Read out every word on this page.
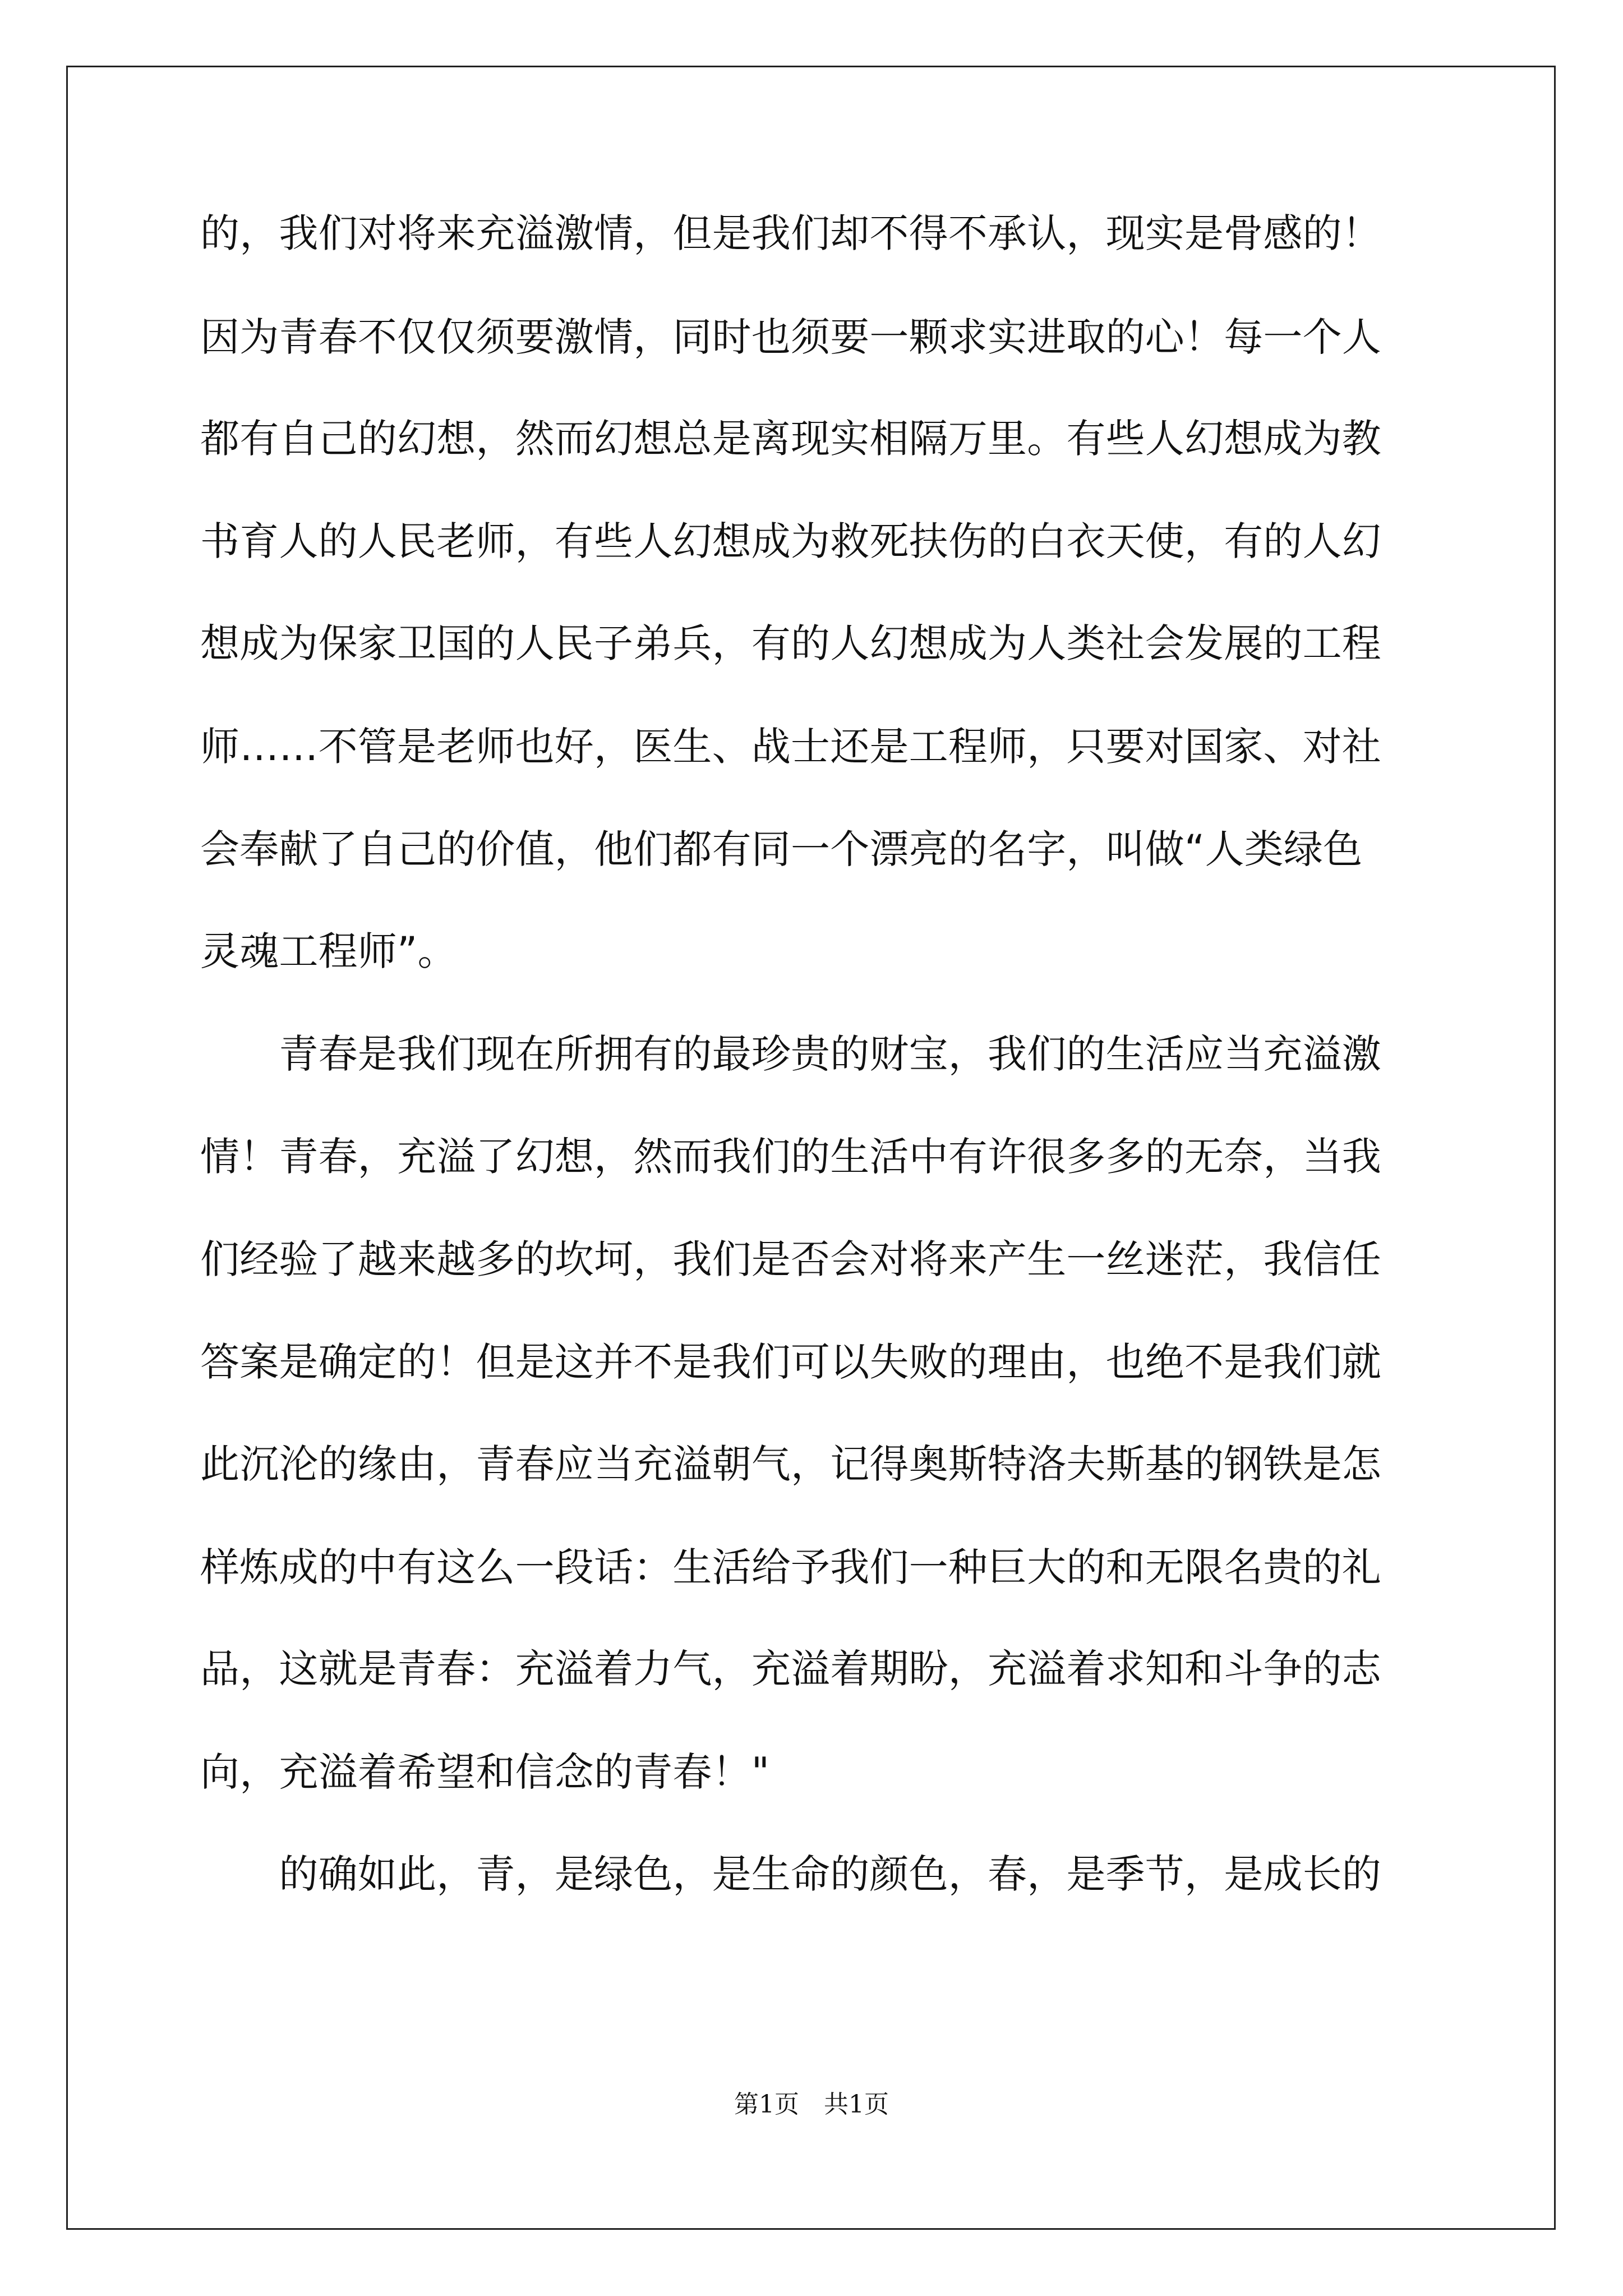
的，我们对将来充溢激情，但是我们却不得不承认，现实是骨感的！
因为青春不仅仅须要激情，同时也须要一颗求实进取的心！每一个人
都有自己的幻想，然而幻想总是离现实相隔万里。有些人幻想成为教
书育人的人民老师，有些人幻想成为救死扶伤的白衣天使，有的人幻
想成为保家卫国的人民子弟兵，有的人幻想成为人类社会发展的工程
师……不管是老师也好，医生、战士还是工程师，只要对国家、对社
会奉献了自己的价值，他们都有同一个漂亮的名字，叫做“人类绿色
灵魂工程师”。
　　青春是我们现在所拥有的最珍贵的财宝，我们的生活应当充溢激
情！青春，充溢了幻想，然而我们的生活中有许很多多的无奈，当我
们经验了越来越多的坎坷，我们是否会对将来产生一丝迷茫，我信任
答案是确定的！但是这并不是我们可以失败的理由，也绝不是我们就
此沉沦的缘由，青春应当充溢朝气，记得奥斯特洛夫斯基的钢铁是怎
样炼成的中有这么一段话：生活给予我们一种巨大的和无限名贵的礼
品，这就是青春：充溢着力气，充溢着期盼，充溢着求知和斗争的志
向，充溢着希望和信念的青春！"
　　的确如此，青，是绿色，是生命的颜色，春，是季节，是成长的
第1页　共1页
